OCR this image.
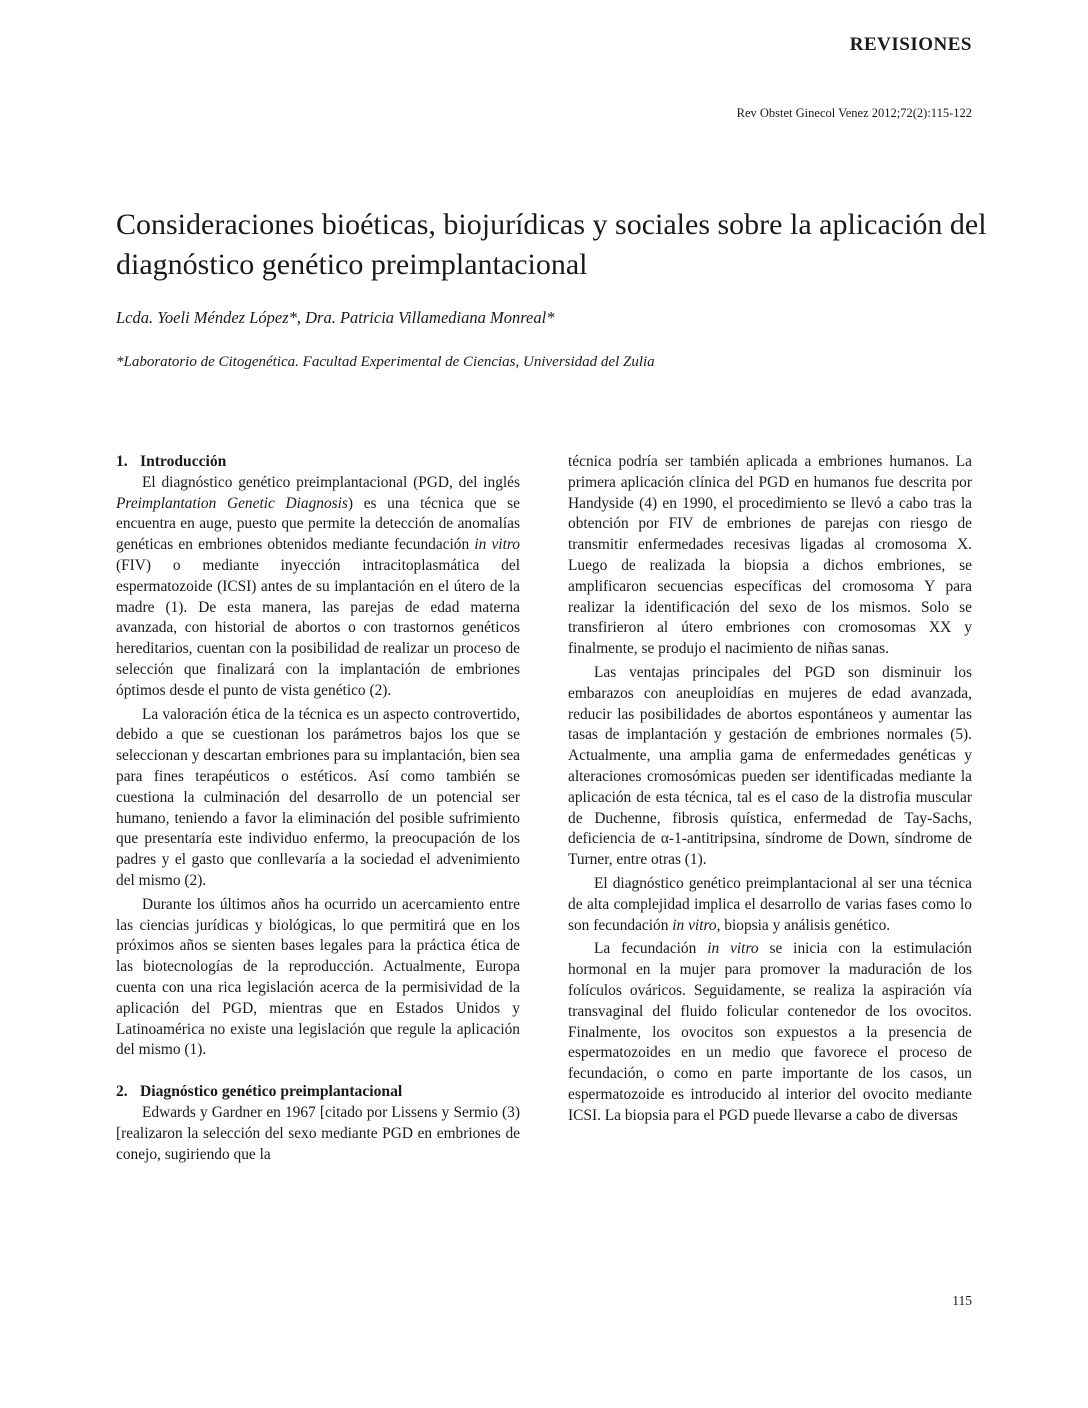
REVISIONES
Rev Obstet Ginecol Venez 2012;72(2):115-122
Consideraciones bioéticas, biojurídicas y sociales sobre la aplicación del diagnóstico genético preimplantacional
Lcda. Yoeli Méndez López*, Dra. Patricia Villamediana Monreal*
*Laboratorio de Citogenética. Facultad Experimental de Ciencias, Universidad del Zulia
1. Introducción

El diagnóstico genético preimplantacional (PGD, del inglés Preimplantation Genetic Diagnosis) es una técnica que se encuentra en auge, puesto que permite la detección de anomalías genéticas en embriones obtenidos mediante fecundación in vitro (FIV) o mediante inyección intracitoplasmática del espermatozoide (ICSI) antes de su implantación en el útero de la madre (1). De esta manera, las parejas de edad materna avanzada, con historial de abortos o con trastornos genéticos hereditarios, cuentan con la posibilidad de realizar un proceso de selección que finalizará con la implantación de embriones óptimos desde el punto de vista genético (2).

La valoración ética de la técnica es un aspecto controvertido, debido a que se cuestionan los parámetros bajos los que se seleccionan y descartan embriones para su implantación, bien sea para fines terapéuticos o estéticos. Así como también se cuestiona la culminación del desarrollo de un potencial ser humano, teniendo a favor la eliminación del posible sufrimiento que presentaría este individuo enfermo, la preocupación de los padres y el gasto que conllevaría a la sociedad el advenimiento del mismo (2).

Durante los últimos años ha ocurrido un acercamiento entre las ciencias jurídicas y biológicas, lo que permitirá que en los próximos años se sienten bases legales para la práctica ética de las biotecnologías de la reproducción. Actualmente, Europa cuenta con una rica legislación acerca de la permisividad de la aplicación del PGD, mientras que en Estados Unidos y Latinoamérica no existe una legislación que regule la aplicación del mismo (1).

2. Diagnóstico genético preimplantacional

Edwards y Gardner en 1967 [citado por Lissens y Sermio (3) [realizaron la selección del sexo mediante PGD en embriones de conejo, sugiriendo que la

técnica podría ser también aplicada a embriones humanos. La primera aplicación clínica del PGD en humanos fue descrita por Handyside (4) en 1990, el procedimiento se llevó a cabo tras la obtención por FIV de embriones de parejas con riesgo de transmitir enfermedades recesivas ligadas al cromosoma X. Luego de realizada la biopsia a dichos embriones, se amplificaron secuencias específicas del cromosoma Y para realizar la identificación del sexo de los mismos. Solo se transfirieron al útero embriones con cromosomas XX y finalmente, se produjo el nacimiento de niñas sanas.

Las ventajas principales del PGD son disminuir los embarazos con aneuploidías en mujeres de edad avanzada, reducir las posibilidades de abortos espontáneos y aumentar las tasas de implantación y gestación de embriones normales (5). Actualmente, una amplia gama de enfermedades genéticas y alteraciones cromosómicas pueden ser identificadas mediante la aplicación de esta técnica, tal es el caso de la distrofia muscular de Duchenne, fibrosis quística, enfermedad de Tay-Sachs, deficiencia de α-1-antitripsina, síndrome de Down, síndrome de Turner, entre otras (1).

El diagnóstico genético preimplantacional al ser una técnica de alta complejidad implica el desarrollo de varias fases como lo son fecundación in vitro, biopsia y análisis genético.

La fecundación in vitro se inicia con la estimulación hormonal en la mujer para promover la maduración de los folículos ováricos. Seguidamente, se realiza la aspiración vía transvaginal del fluido folicular contenedor de los ovocitos. Finalmente, los ovocitos son expuestos a la presencia de espermatozoides en un medio que favorece el proceso de fecundación, o como en parte importante de los casos, un espermatozoide es introducido al interior del ovocito mediante ICSI. La biopsia para el PGD puede llevarse a cabo de diversas

115
